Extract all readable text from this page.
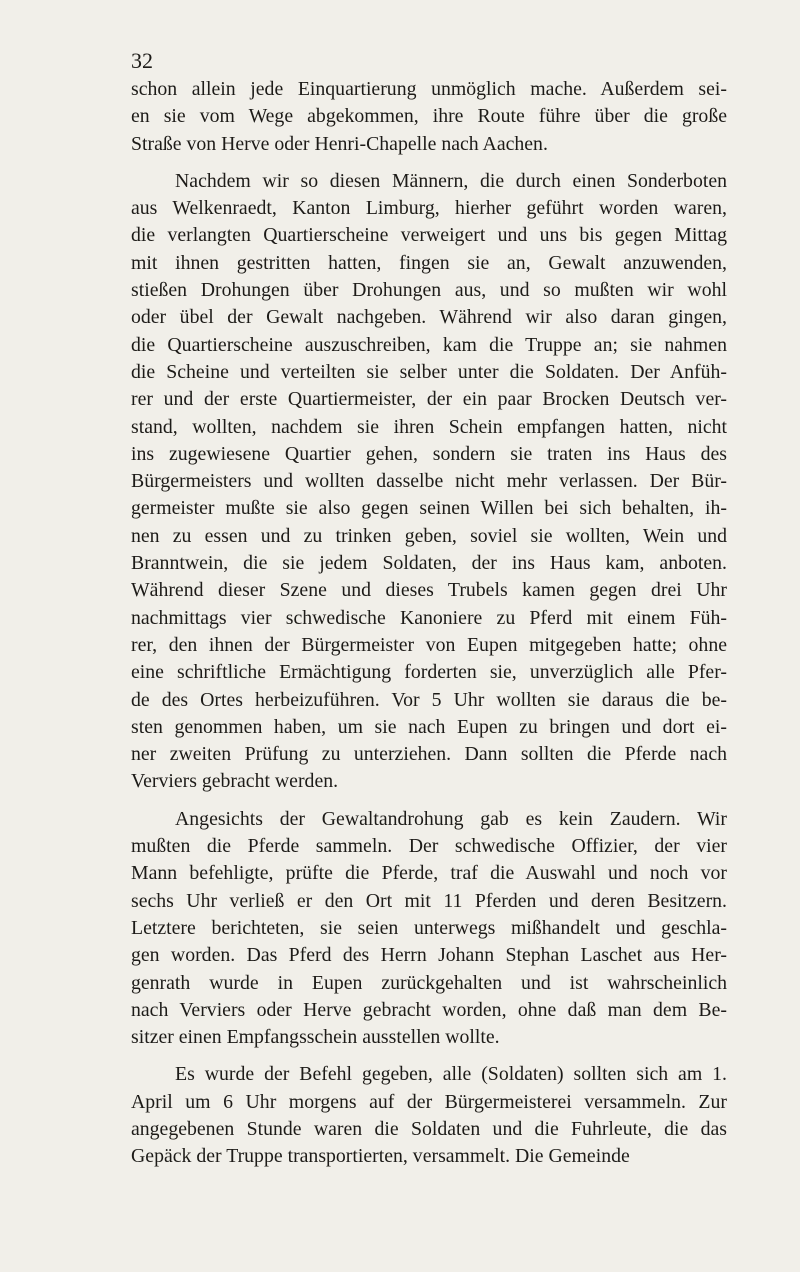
32
schon allein jede Einquartierung unmöglich mache. Außerdem sei-
en sie vom Wege abgekommen, ihre Route führe über die große
Straße von Herve oder Henri-Chapelle nach Aachen.
Nachdem wir so diesen Männern, die durch einen Sonderboten
aus Welkenraedt, Kanton Limburg, hierher geführt worden waren,
die verlangten Quartierscheine verweigert und uns bis gegen Mittag
mit ihnen gestritten hatten, fingen sie an, Gewalt anzuwenden,
stießen Drohungen über Drohungen aus, und so mußten wir wohl
oder übel der Gewalt nachgeben. Während wir also daran gingen,
die Quartierscheine auszuschreiben, kam die Truppe an; sie nahmen
die Scheine und verteilten sie selber unter die Soldaten. Der Anfüh-
rer und der erste Quartiermeister, der ein paar Brocken Deutsch ver-
stand, wollten, nachdem sie ihren Schein empfangen hatten, nicht
ins zugewiesene Quartier gehen, sondern sie traten ins Haus des
Bürgermeisters und wollten dasselbe nicht mehr verlassen. Der Bür-
germeister mußte sie also gegen seinen Willen bei sich behalten, ih-
nen zu essen und zu trinken geben, soviel sie wollten, Wein und
Branntwein, die sie jedem Soldaten, der ins Haus kam, anboten.
Während dieser Szene und dieses Trubels kamen gegen drei Uhr
nachmittags vier schwedische Kanoniere zu Pferd mit einem Füh-
rer, den ihnen der Bürgermeister von Eupen mitgegeben hatte; ohne
eine schriftliche Ermächtigung forderten sie, unverzüglich alle Pfer-
de des Ortes herbeizuführen. Vor 5 Uhr wollten sie daraus die be-
sten genommen haben, um sie nach Eupen zu bringen und dort ei-
ner zweiten Prüfung zu unterziehen. Dann sollten die Pferde nach
Verviers gebracht werden.
Angesichts der Gewaltandrohung gab es kein Zaudern. Wir
mußten die Pferde sammeln. Der schwedische Offizier, der vier
Mann befehligte, prüfte die Pferde, traf die Auswahl und noch vor
sechs Uhr verließ er den Ort mit 11 Pferden und deren Besitzern.
Letztere berichteten, sie seien unterwegs mißhandelt und geschla-
gen worden. Das Pferd des Herrn Johann Stephan Laschet aus Her-
genrath wurde in Eupen zurückgehalten und ist wahrscheinlich
nach Verviers oder Herve gebracht worden, ohne daß man dem Be-
sitzer einen Empfangsschein ausstellen wollte.
Es wurde der Befehl gegeben, alle (Soldaten) sollten sich am 1.
April um 6 Uhr morgens auf der Bürgermeisterei versammeln. Zur
angegebenen Stunde waren die Soldaten und die Fuhrleute, die das
Gepäck der Truppe transportierten, versammelt. Die Gemeinde
